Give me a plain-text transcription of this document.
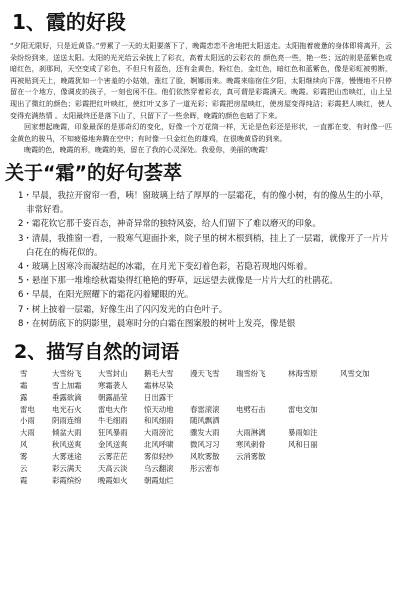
1、霞的好段
“夕阳无限好，只是近黄昏。”劳累了一天的太阳要落下了，晚霞恋恋不舍地把太阳送走。太阳拖着疲惫的身体即将离开，云朵纷纷到来，送送太阳。太阳的光光给云朵披上了彩衣，高着太阳远的云彩衣的 颜色亮一些，艳一些；远的则是蓝紫色或暗红色，刹那间，天空变成了彩色，不但只有蓝色，还有金黄色，粉红色，金红色，暗红色和蓝紫色，像是彩虹被剪断，再被贴到天上，晚霞犹如一个害羞的小姑娘，涨红了脸，婀娜而来。晚霞来临宿住夕阳，太阳继续向下落，慢慢地不只停留在一个地方，像调皮的孩子，一刻也闲不住。他们依然穿着彩衣，真可谓是彩霞满天。晚霞。彩霞把山峦映红，山上呈现出了微红的颜色；彩霞把红叶映红，使红叶又多了一道光彩；彩霞把房屋映红，使房屋变得纯洁；彩霞把人映红，使人变得充满热情 。太阳最终还是落下山了，只留下了一些余晖，晚霞的颜色也暗了下来。
回家想起晚霞，印象最深的是那奇幻的变化，好像一个万花筒一样，无论是色彩还是形状，一直都在变，有时像一匹金黄色的骏马，不知疲倦地奔腾在空中；有时像一只金红色的雄鸡，在很晚黄昏的到来。
晚霞的色，晚霞的形，晚霞的美，留在了我的心灵深处。我爱你，美丽的晚霞！
关于“霜”的好句荟萃
1・早晨，我拉开窗帘一看，咦！窗玻璃上结了厚厚的一层霜花，有的像小树，有的像丛生的小草，非常好看。
2・霜花钦它那千姿百态，神奇异常的独特风姿，给人们留下了难以磨灭的印象。
3・清晨，我推窗一看，一股寒气迎面扑来，院子里的树木根到梢，挂上了一层霜，就像开了一片片白花在的梅花似的。
4・玻璃上因寒冷而凝结起的冰霜，在月光下变幻着色彩，若隐若现地闪烁着。
5・悬崖下那一堆堆绘秋霜染得红艳艳的野草，远远望去就像是一片片大红的杜鹃花。
6・早晨，在阳光照耀下的霜花闪着耀眼的光。
7・树上披着一层霜，好像生出了闪闪发光的白色叶子。
8・在树荫底下的阴影里，晨寒时分的白霜在图案般的树叶上发亮，像是银
2、描写自然的词语
雪	大雪纷飞	大雪封山	鹅毛大雪	漫天飞雪	瑞雪纷飞	林海雪原	风雪交加
霜	雪上加霜	寒霜袭人	霜林尽染
露	垂露欲滴	朝露晶莹	日出露干
雷电	电光石火	雷电大作	惊天动地	春雷滚滚	电劈石击	雷电交加
小雨	阴雨连绵	牛毛细雨	和风细雨	随风飘洒
大雨	倾盆大雨	狂风暴雨	大雨滂沱	骤发大雨	大雨淋漓	暴雨如注
风	秋风送爽	金风送爽	北风呼啸	微风习习	寒风刺骨	风和日丽
雾	大雾迷途	云雾茫茫	雾似轻纱	风吹雾散	云消雾散
云	彩云满天	天高云淡	乌云翻滚	彤云密布
霞	彩霞缤纷	晚霞如火	朝霞灿烂
